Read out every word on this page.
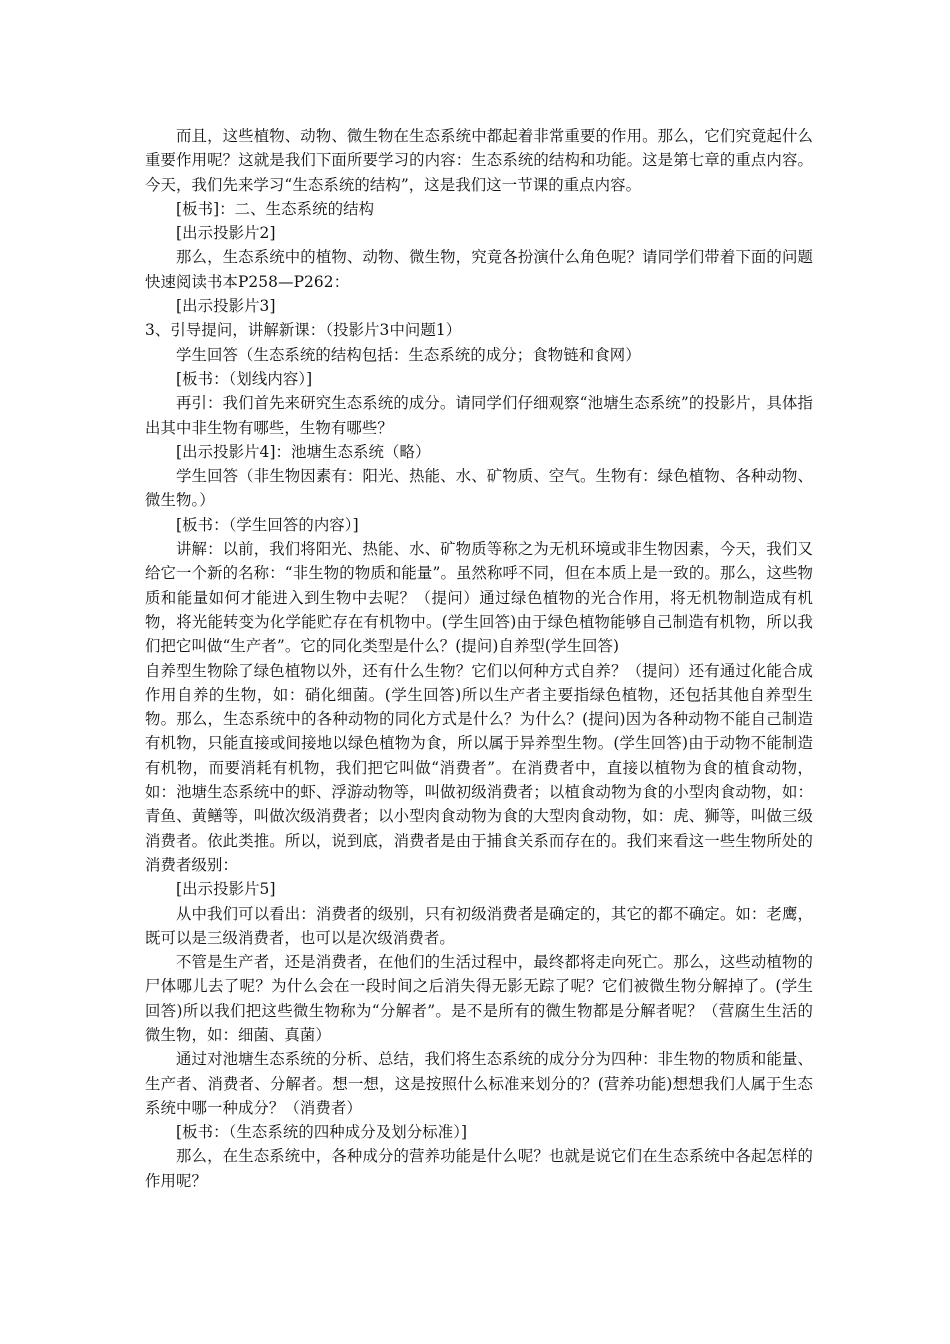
而且，这些植物、动物、微生物在生态系统中都起着非常重要的作用。那么，它们究竟起什么重要作用呢？这就是我们下面所要学习的内容：生态系统的结构和功能。这是第七章的重点内容。今天，我们先来学习“生态系统的结构”，这是我们这一节课的重点内容。

[板书]：二、生态系统的结构

[出示投影片2]

那么，生态系统中的植物、动物、微生物，究竟各扮演什么角色呢？请同学们带着下面的问题快速阅读书本P258—P262：

[出示投影片3]

3、引导提问，讲解新课：（投影片3中问题1）

学生回答（生态系统的结构包括：生态系统的成分；食物链和食网）

[板书：（划线内容）]

再引：我们首先来研究生态系统的成分。请同学们仔细观察“池塘生态系统”的投影片，具体指出其中非生物有哪些，生物有哪些？

[出示投影片4]：池塘生态系统（略）

学生回答（非生物因素有：阳光、热能、水、矿物质、空气。生物有：绿色植物、各种动物、微生物。）

[板书：（学生回答的内容）]

讲解：以前，我们将阳光、热能、水、矿物质等称之为无机环境或非生物因素，今天，我们又给它一个新的名称：“非生物的物质和能量”。虽然称呼不同，但在本质上是一致的。那么，这些物质和能量如何才能进入到生物中去呢？（提问）通过绿色植物的光合作用，将无机物制造成有机物，将光能转变为化学能贮存在有机物中。(学生回答)由于绿色植物能够自己制造有机物，所以我们把它叫做“生产者”。它的同化类型是什么？(提问)自养型(学生回答)

自养型生物除了绿色植物以外，还有什么生物？它们以何种方式自养？（提问）还有通过化能合成作用自养的生物，如：硝化细菌。(学生回答)所以生产者主要指绿色植物，还包括其他自养型生物。那么，生态系统中的各种动物的同化方式是什么？为什么？(提问)因为各种动物不能自己制造有机物，只能直接或间接地以绿色植物为食，所以属于异养型生物。(学生回答)由于动物不能制造有机物，而要消耗有机物，我们把它叫做“消费者”。在消费者中，直接以植物为食的植食动物，如：池塘生态系统中的虾、浮游动物等，叫做初级消费者；以植食动物为食的小型肉食动物，如：青鱼、黄鳝等，叫做次级消费者；以小型肉食动物为食的大型肉食动物，如：虎、狮等，叫做三级消费者。依此类推。所以，说到底，消费者是由于捕食关系而存在的。我们来看这一些生物所处的消费者级别：

[出示投影片5]

从中我们可以看出：消费者的级别，只有初级消费者是确定的，其它的都不确定。如：老鹰，既可以是三级消费者，也可以是次级消费者。

不管是生产者，还是消费者，在他们的生活过程中，最终都将走向死亡。那么，这些动植物的尸体哪儿去了呢？为什么会在一段时间之后消失得无影无踪了呢？它们被微生物分解掉了。(学生回答)所以我们把这些微生物称为“分解者”。是不是所有的微生物都是分解者呢？（营腐生生活的微生物，如：细菌、真菌）

通过对池塘生态系统的分析、总结，我们将生态系统的成分分为四种：非生物的物质和能量、生产者、消费者、分解者。想一想，这是按照什么标准来划分的？(营养功能)想想我们人属于生态系统中哪一种成分？（消费者）

[板书：（生态系统的四种成分及划分标准）]

那么，在生态系统中，各种成分的营养功能是什么呢？也就是说它们在生态系统中各起怎样的作用呢？
